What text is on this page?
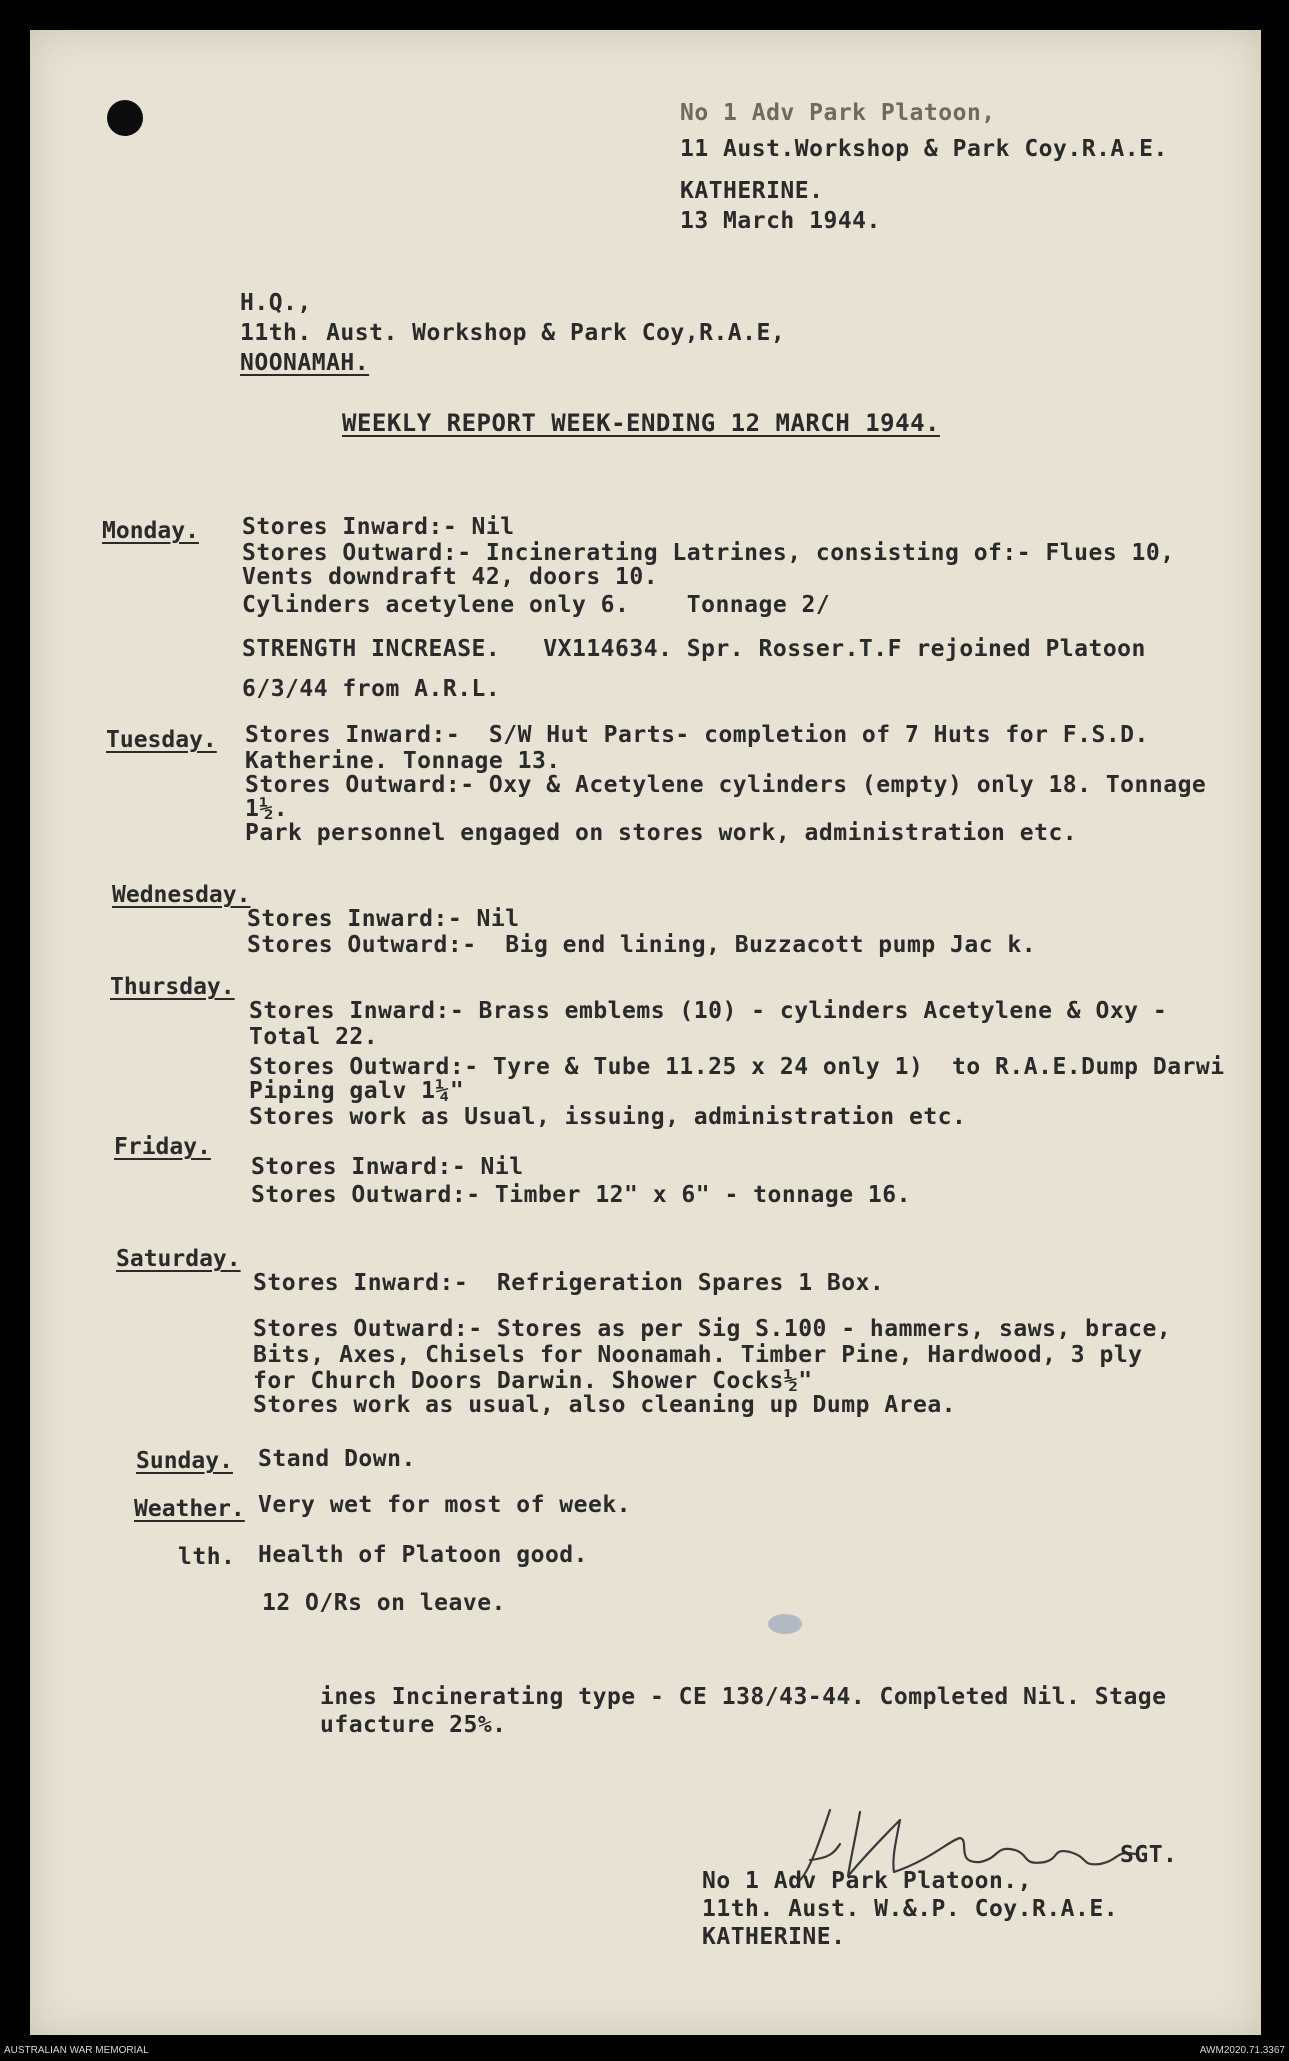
No 1 Adv Park Platoon,
11 Aust.Workshop & Park Coy.R.A.E.
KATHERINE.
13 March 1944.
H.Q.,
11th. Aust. Workshop & Park Coy,R.A.E,
NOONAMAH.
WEEKLY REPORT WEEK-ENDING 12 MARCH 1944.
Monday. Stores Inward:- Nil
Stores Outward:- Incinerating Latrines, consisting of:- Flues 10,
Vents downdraft 42, doors 10.
Cylinders acetylene only 6.    Tonnage 2/
STRENGTH INCREASE.   VX114634. Spr. Rosser.T.F rejoined Platoon
6/3/44 from A.R.L.
Tuesday. Stores Inward:-  S/W Hut Parts- completion of 7 Huts for F.S.D.
Katherine. Tonnage 13.
Stores Outward:- Oxy & Acetylene cylinders (empty) only 18. Tonnage
1½.
Park personnel engaged on stores work, administration etc.
Wednesday.
Stores Inward:- Nil
Stores Outward:-  Big end lining, Buzzacott pump Jac k.
Thursday.
Stores Inward:- Brass emblems (10) - cylinders Acetylene & Oxy -
Total 22.
Stores Outward:- Tyre & Tube 11.25 x 24 only 1)  to R.A.E.Dump Darwi
Piping galv 1¼"
Stores work as Usual, issuing, administration etc.
Friday.
Stores Inward:- Nil
Stores Outward:- Timber 12" x 6" - tonnage 16.
Saturday.
Stores Inward:-  Refrigeration Spares 1 Box.
Stores Outward:- Stores as per Sig S.100 - hammers, saws, brace,
Bits, Axes, Chisels for Noonamah. Timber Pine, Hardwood, 3 ply
for Church Doors Darwin. Shower Cocks½"
Stores work as usual, also cleaning up Dump Area.
Sunday. Stand Down.
Weather. Very wet for most of week.
lth. Health of Platoon good.
12 O/Rs on leave.
ines Incinerating type - CE 138/43-44. Completed Nil. Stage
ufacture 25%.
SGT.
No 1 Adv Park Platoon.,
11th. Aust. W.&.P. Coy.R.A.E.
KATHERINE.
AUSTRALIAN WAR MEMORIAL	AWM2020.71.3367
